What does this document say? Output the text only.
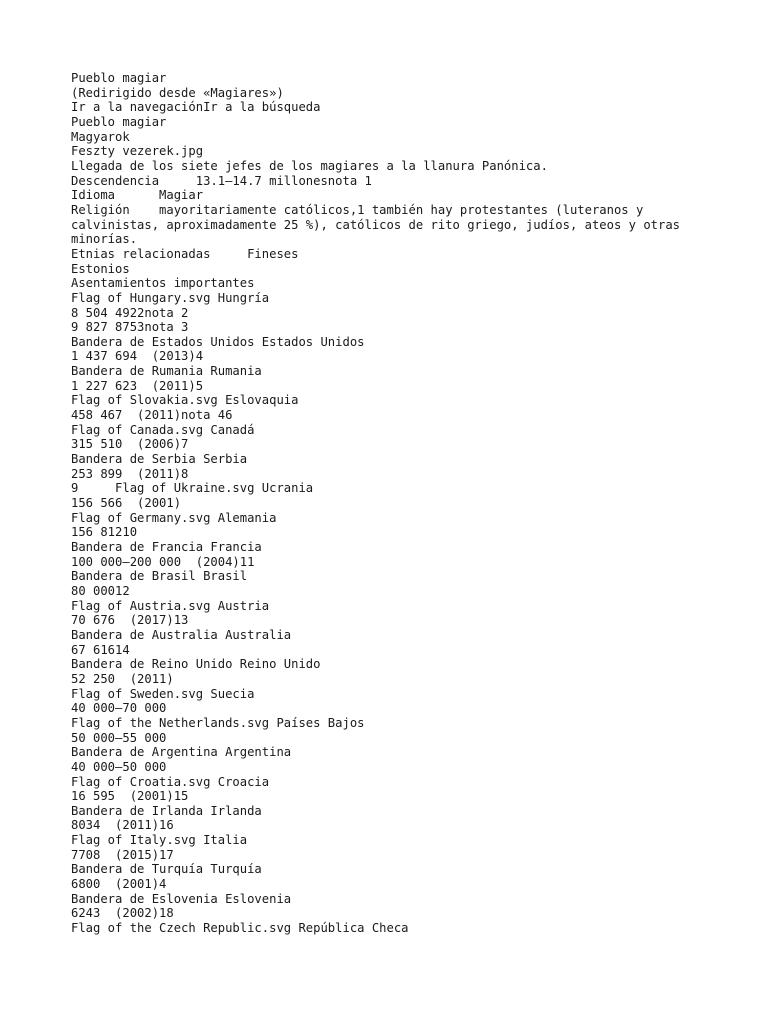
Pueblo magiar
(Redirigido desde «Magiares»)
Ir a la navegaciónIr a la búsqueda
Pueblo magiar
Magyarok
Feszty vezerek.jpg
Llegada de los siete jefes de los magiares a la llanura Panónica.
Descendencia     13.1–14.7 millonesnota 1
Idioma      Magiar
Religión    mayoritariamente católicos,1 también hay protestantes (luteranos y calvinistas, aproximadamente 25 %), católicos de rito griego, judíos, ateos y otras minorías.
Etnias relacionadas     Fineses
Estonios
Asentamientos importantes
Flag of Hungary.svg Hungría
8 504 4922nota 2
9 827 8753nota 3
Bandera de Estados Unidos Estados Unidos
1 437 694  (2013)4
Bandera de Rumania Rumania
1 227 623  (2011)5
Flag of Slovakia.svg Eslovaquia
458 467  (2011)nota 46
Flag of Canada.svg Canadá
315 510  (2006)7
Bandera de Serbia Serbia
253 899  (2011)8
9     Flag of Ukraine.svg Ucrania
156 566  (2001)
Flag of Germany.svg Alemania
156 81210
Bandera de Francia Francia
100 000–200 000  (2004)11
Bandera de Brasil Brasil
80 00012
Flag of Austria.svg Austria
70 676  (2017)13
Bandera de Australia Australia
67 61614
Bandera de Reino Unido Reino Unido
52 250  (2011)
Flag of Sweden.svg Suecia
40 000–70 000
Flag of the Netherlands.svg Países Bajos
50 000–55 000
Bandera de Argentina Argentina
40 000–50 000
Flag of Croatia.svg Croacia
16 595  (2001)15
Bandera de Irlanda Irlanda
8034  (2011)16
Flag of Italy.svg Italia
7708  (2015)17
Bandera de Turquía Turquía
6800  (2001)4
Bandera de Eslovenia Eslovenia
6243  (2002)18
Flag of the Czech Republic.svg República Checa
